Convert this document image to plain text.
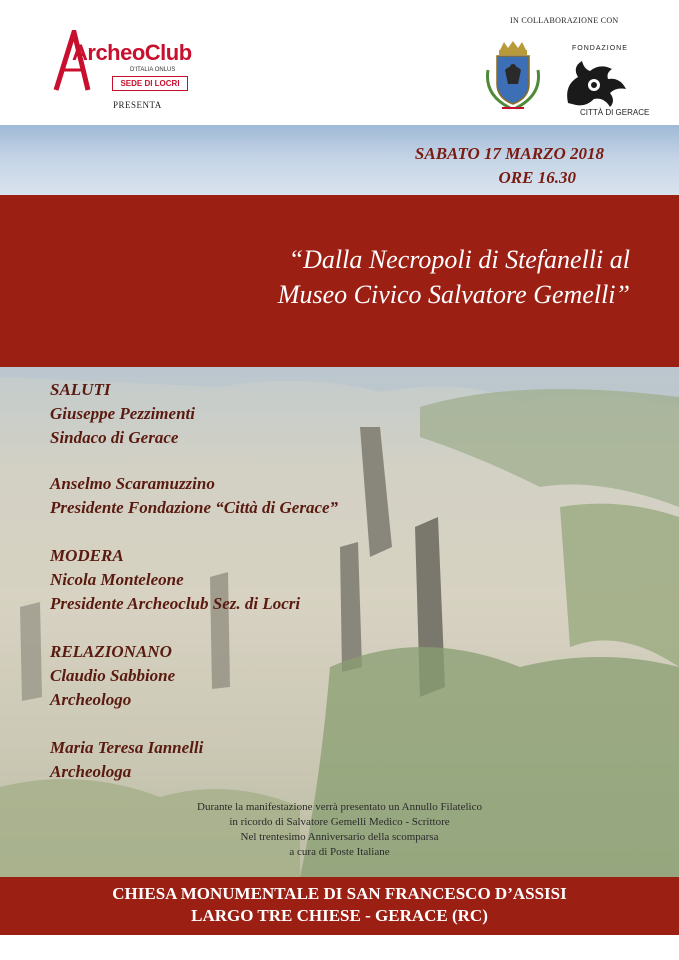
ArcheoClub
D'ITALIA ONLUS
SEDE DI LOCRI
PRESENTA
IN COLLABORAZIONE CON
FONDAZIONE
CITTÀ DI GERACE
SABATO 17 MARZO 2018
ORE 16.30
“Dalla Necropoli di Stefanelli al
Museo Civico Salvatore Gemelli”
SALUTI
Giuseppe Pezzimenti
Sindaco di Gerace
Anselmo Scaramuzzino
Presidente Fondazione “Città di Gerace”
MODERA
Nicola Monteleone
Presidente Archeoclub Sez. di Locri
RELAZIONANO
Claudio Sabbione
Archeologo
Maria Teresa Iannelli
Archeologa
Durante la manifestazione verrà presentato un Annullo Filatelico
in ricordo di Salvatore Gemelli Medico - Scrittore
Nel trentesimo Anniversario della scomparsa
a cura di Poste Italiane
CHIESA MONUMENTALE DI SAN FRANCESCO D’ASSISI
LARGO TRE CHIESE - GERACE (RC)
